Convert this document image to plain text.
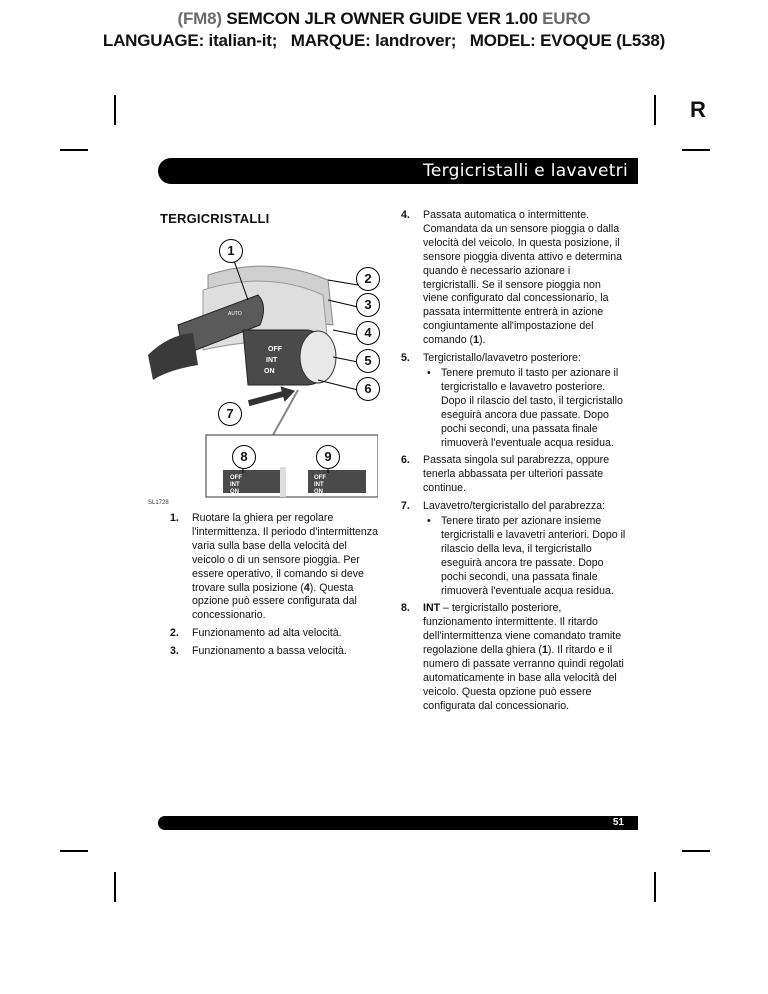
(FM8) SEMCON JLR OWNER GUIDE VER 1.00 EURO
LANGUAGE: italian-it;   MARQUE: landrover;   MODEL: EVOQUE (L538)
R
Tergicristalli e lavavetri
TERGICRISTALLI
OFF
INT
ON
AUTO
OFF
INT
ON
OFF
INT
ON
1
2
3
4
5
6
7
8	9
SL1728
1. Ruotare la ghiera per regolare l'intermittenza. Il periodo d'intermittenza varia sulla base della velocità del veicolo o di un sensore pioggia. Per essere operativo, il comando si deve trovare sulla posizione (4). Questa opzione può essere configurata dal concessionario.
2. Funzionamento ad alta velocità.
3. Funzionamento a bassa velocità.
4. Passata automatica o intermittente. Comandata da un sensore pioggia o dalla velocità del veicolo. In questa posizione, il sensore pioggia diventa attivo e determina quando è necessario azionare i tergicristalli. Se il sensore pioggia non viene configurato dal concessionario, la passata intermittente entrerà in azione congiuntamente all'impostazione del comando (1).
5. Tergicristallo/lavavetro posteriore:
• Tenere premuto il tasto per azionare il tergicristallo e lavavetro posteriore. Dopo il rilascio del tasto, il tergicristallo eseguirà ancora due passate. Dopo pochi secondi, una passata finale rimuoverà l'eventuale acqua residua.
6. Passata singola sul parabrezza, oppure tenerla abbassata per ulteriori passate continue.
7. Lavavetro/tergicristallo del parabrezza:
• Tenere tirato per azionare insieme tergicristalli e lavavetri anteriori. Dopo il rilascio della leva, il tergicristallo eseguirà ancora tre passate. Dopo pochi secondi, una passata finale rimuoverà l'eventuale acqua residua.
8. INT – tergicristallo posteriore, funzionamento intermittente. Il ritardo dell'intermittenza viene comandato tramite regolazione della ghiera (1). Il ritardo e il numero di passate verranno quindi regolati automaticamente in base alla velocità del veicolo. Questa opzione può essere configurata dal concessionario.
51
